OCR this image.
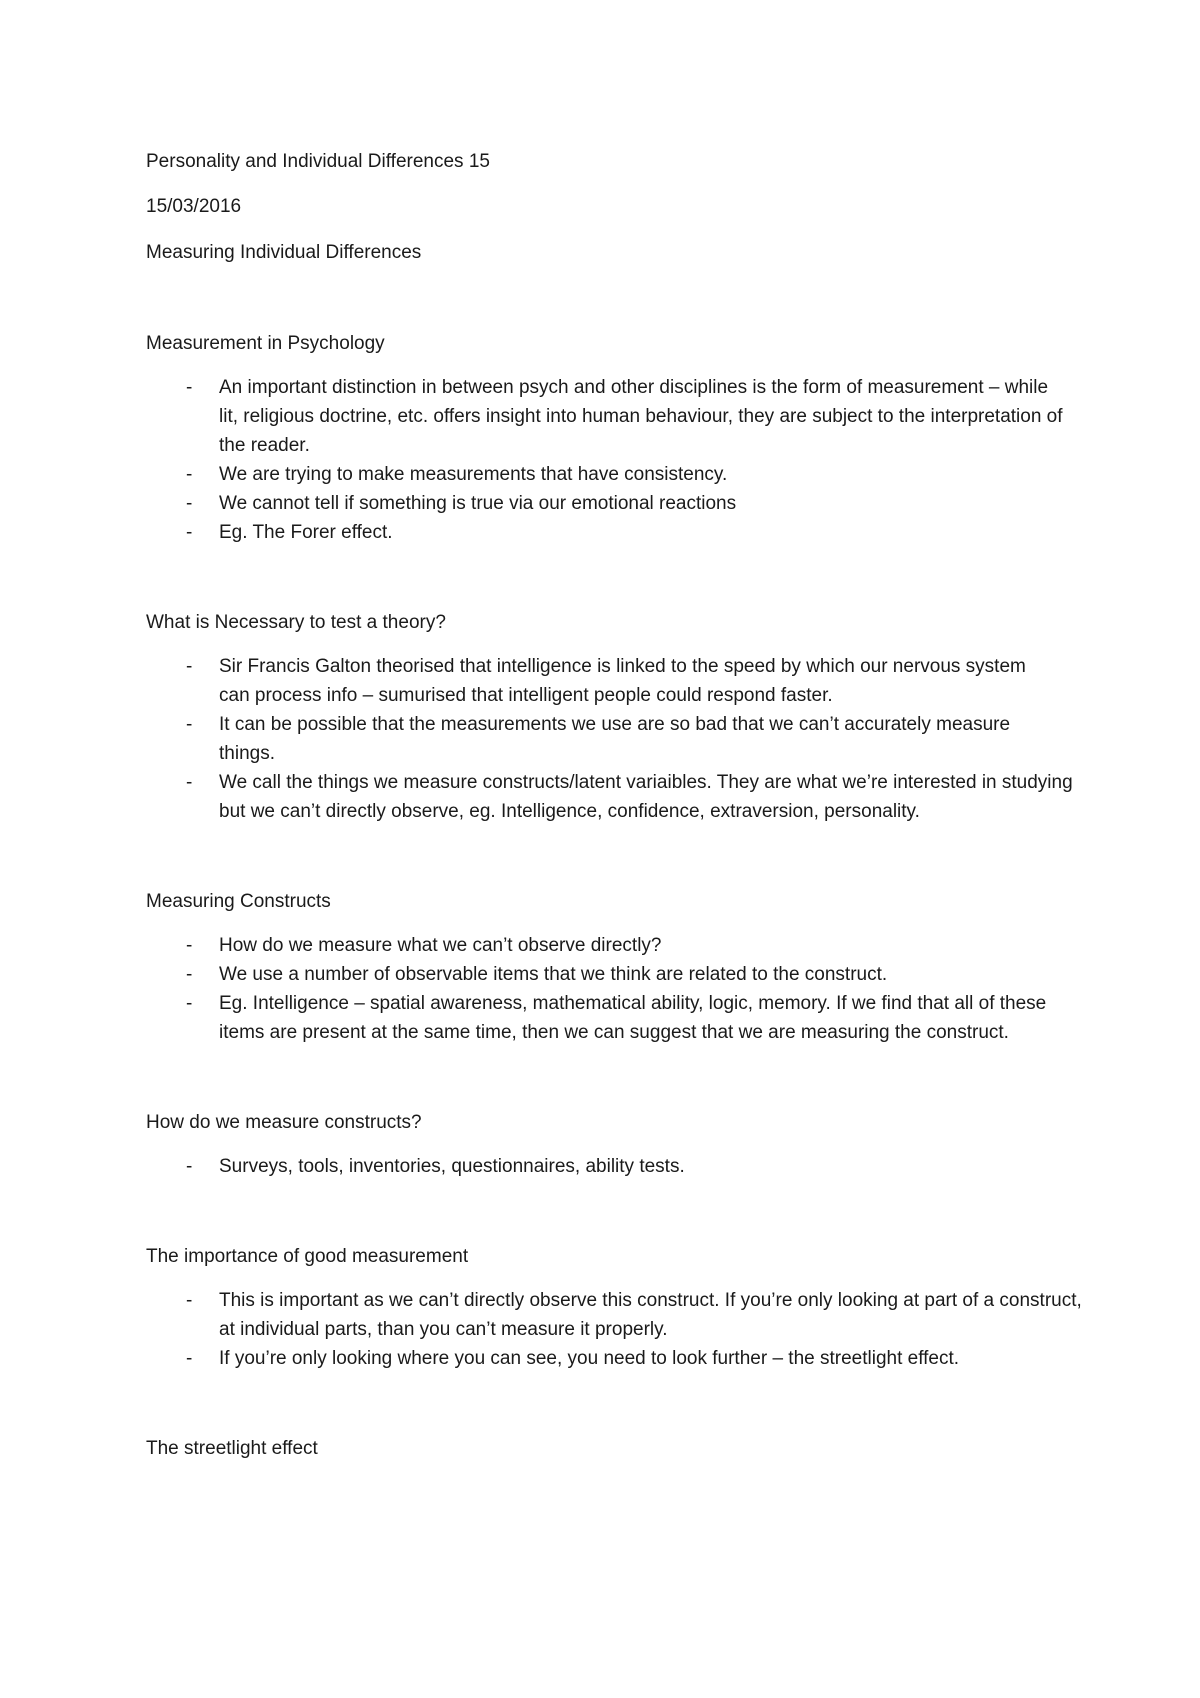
Personality and Individual Differences 15

15/03/2016

Measuring Individual Differences

Measurement in Psychology

- An important distinction in between psych and other disciplines is the form of measurement – while lit, religious doctrine, etc. offers insight into human behaviour, they are subject to the interpretation of the reader.
- We are trying to make measurements that have consistency.
- We cannot tell if something is true via our emotional reactions
- Eg. The Forer effect.

What is Necessary to test a theory?

- Sir Francis Galton theorised that intelligence is linked to the speed by which our nervous system can process info – sumurised that intelligent people could respond faster.
- It can be possible that the measurements we use are so bad that we can’t accurately measure things.
- We call the things we measure constructs/latent variaibles. They are what we’re interested in studying but we can’t directly observe, eg. Intelligence, confidence, extraversion, personality.

Measuring Constructs

- How do we measure what we can’t observe directly?
- We use a number of observable items that we think are related to the construct.
- Eg. Intelligence – spatial awareness, mathematical ability, logic, memory. If we find that all of these items are present at the same time, then we can suggest that we are measuring the construct.

How do we measure constructs?

- Surveys, tools, inventories, questionnaires, ability tests.

The importance of good measurement

- This is important as we can’t directly observe this construct. If you’re only looking at part of a construct, at individual parts, than you can’t measure it properly.
- If you’re only looking where you can see, you need to look further – the streetlight effect.

The streetlight effect
